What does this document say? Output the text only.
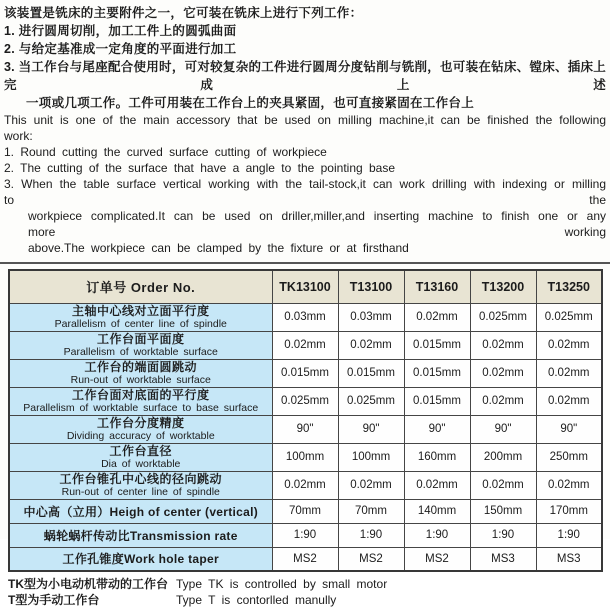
该装置是铣床的主要附件之一，它可装在铣床上进行下列工作：
1. 进行圆周切削，加工工件上的圆弧曲面
2. 与给定基准成一定角度的平面进行加工
3. 当工作台与尾座配合使用时，可对较复杂的工件进行圆周分度钻削与铣削，也可装在钻床、镗床、插床上完成上述
一项或几项工作。工件可用装在工作台上的夹具紧固，也可直接紧固在工作台上
This unit is one of the main accessory that be used on milling machine,it can be finished the following work:
1. Round cutting the curved surface cutting of workpiece
2. The cutting of the surface that have a angle to the pointing base
3. When the table surface vertical working with the tail-stock,it can work drilling with indexing or milling to the
workpiece complicated.It can be used on driller,miller,and inserting machine to finish one or any more working
above.The workpiece can be clamped by the fixture or at firsthand
订单号 Order No.	TK13100	T13100	T13160	T13200	T13250

主轴中心线对立面平行度
Parallelism of center line of spindle	0.03mm	0.03mm	0.02mm	0.025mm	0.025mm

工作台面平面度
Parallelism of worktable surface	0.02mm	0.02mm	0.015mm	0.02mm	0.02mm

工作台的端面圆跳动
Run-out of worktable surface	0.015mm	0.015mm	0.015mm	0.02mm	0.02mm

工作台面对底面的平行度
Parallelism of worktable surface to base surface	0.025mm	0.025mm	0.015mm	0.02mm	0.02mm

工作台分度精度
Dividing accuracy of worktable	90"	90"	90"	90"	90"

工作台直径
Dia of worktable	100mm	100mm	160mm	200mm	250mm

工作台锥孔中心线的径向跳动
Run-out of center line of spindle	0.02mm	0.02mm	0.02mm	0.02mm	0.02mm
中心高（立用）Heigh of center (vertical)	70mm	70mm	140mm	150mm	170mm
蜗轮蜗杆传动比Transmission rate	1:90	1:90	1:90	1:90	1:90
工作孔锥度Work hole taper	MS2	MS2	MS2	MS3	MS3
TK型为小电动机带动的工作台 Type TK is controlled by small motor
T型为手动工作台	Type T is contorlled manully
